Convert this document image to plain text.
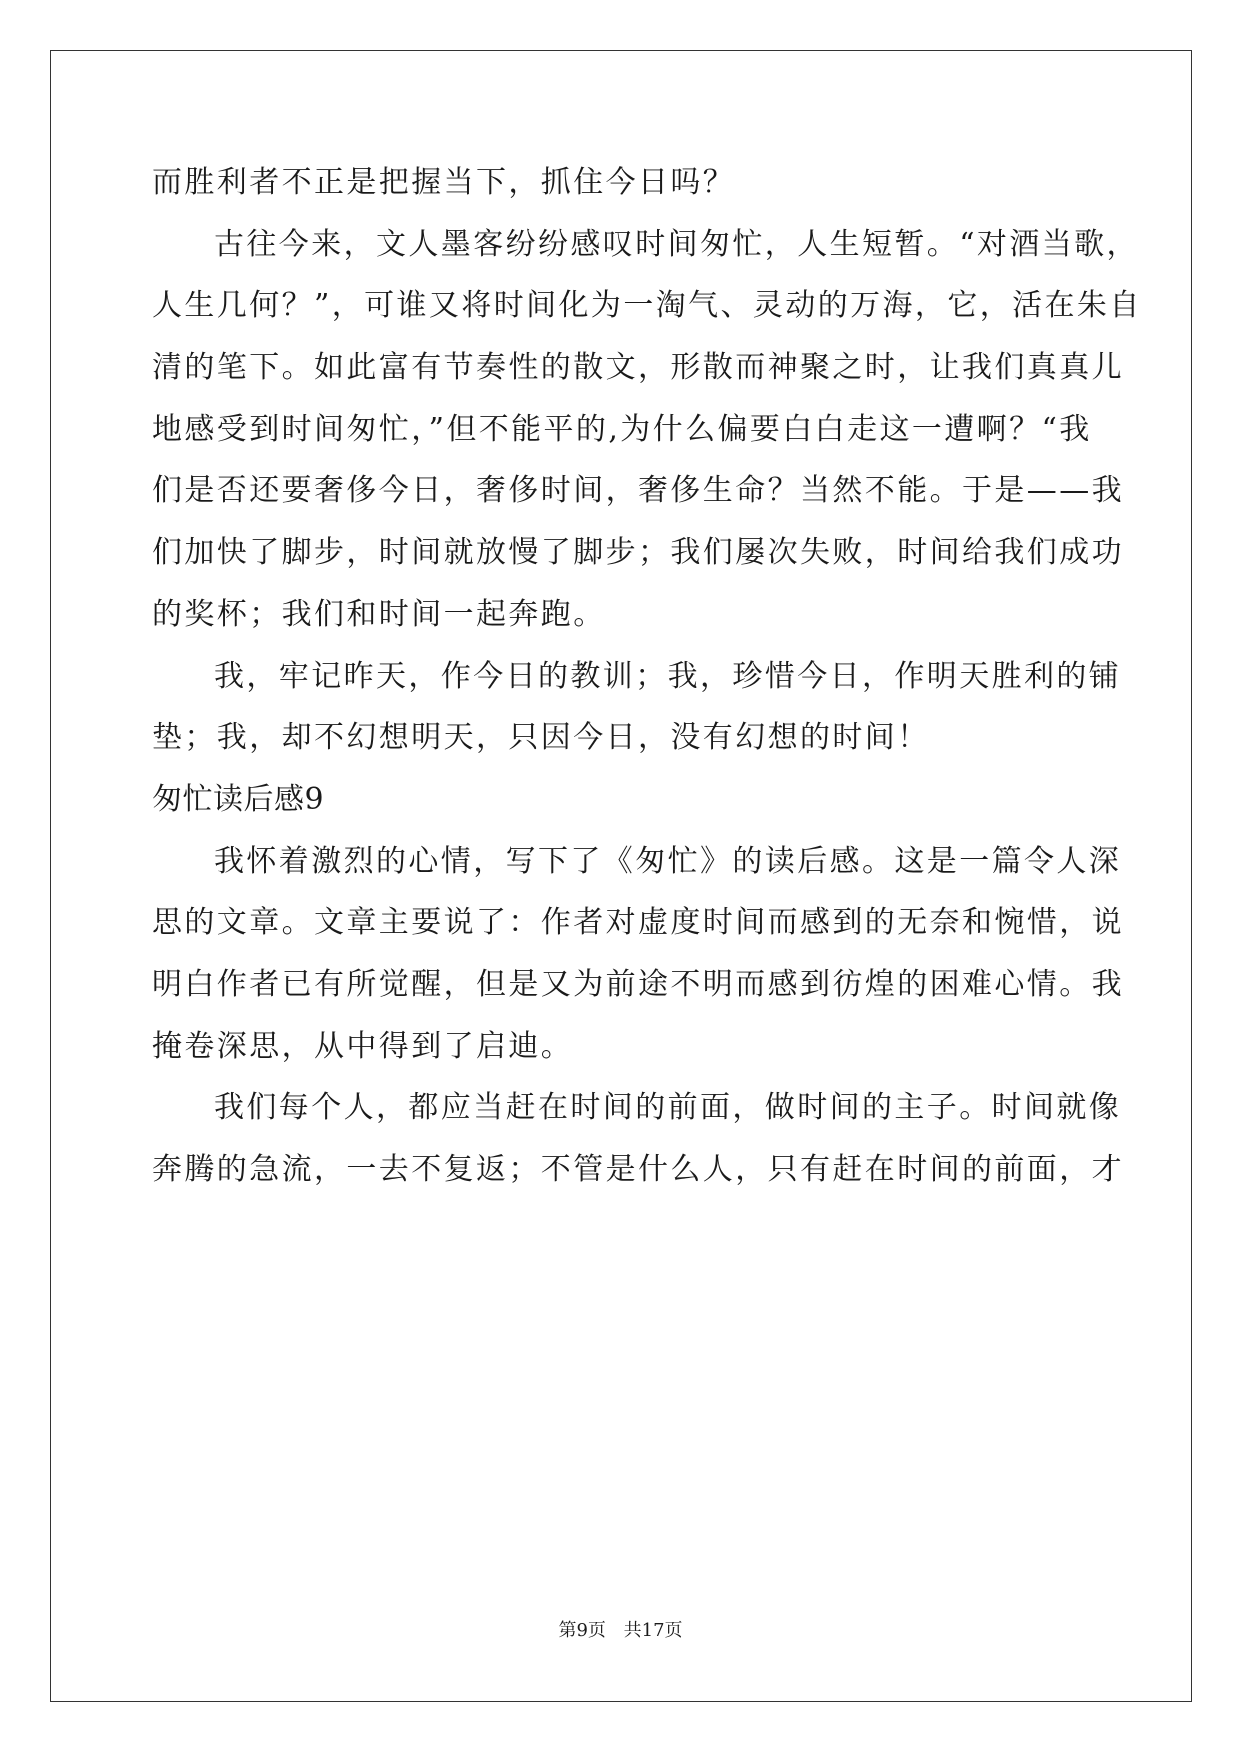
而胜利者不正是把握当下，抓住今日吗？
古往今来，文人墨客纷纷感叹时间匆忙，人生短暂。“对酒当歌，
人生几何？”，可谁又将时间化为一淘气、灵动的万海，它，活在朱自
清的笔下。如此富有节奏性的散文，形散而神聚之时，让我们真真儿
地感受到时间匆忙，”但不能平的,为什么偏要白白走这一遭啊？“我
们是否还要奢侈今日，奢侈时间，奢侈生命？当然不能。于是——我
们加快了脚步，时间就放慢了脚步；我们屡次失败，时间给我们成功
的奖杯；我们和时间一起奔跑。
我，牢记昨天，作今日的教训；我，珍惜今日，作明天胜利的铺
垫；我，却不幻想明天，只因今日，没有幻想的时间！
匆忙读后感9
我怀着激烈的心情，写下了《匆忙》的读后感。这是一篇令人深
思的文章。文章主要说了：作者对虚度时间而感到的无奈和惋惜，说
明白作者已有所觉醒，但是又为前途不明而感到彷煌的困难心情。我
掩卷深思，从中得到了启迪。
我们每个人，都应当赶在时间的前面，做时间的主子。时间就像
奔腾的急流，一去不复返；不管是什么人，只有赶在时间的前面，才
第9页 共17页
